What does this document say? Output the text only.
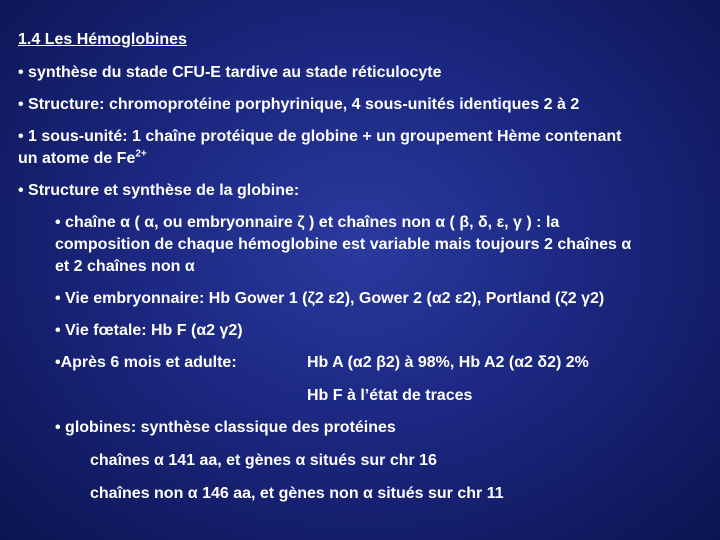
1.4 Les Hémoglobines
• synthèse du stade CFU-E tardive au stade réticulocyte
• Structure: chromoprotéine porphyrinique, 4 sous-unités identiques 2 à 2
• 1 sous-unité: 1 chaîne protéique de globine + un groupement Hème contenant
un atome de $Fe^{2+}$
• Structure et synthèse de la globine:
• chaîne α ( α, ou embryonnaire ζ ) et chaînes non α ( β, δ, ε, γ ) : la
composition de chaque hémoglobine est variable mais toujours 2 chaînes α
et 2 chaînes non α
• Vie embryonnaire: Hb Gower 1 (ζ2 ε2), Gower 2 (α2 ε2), Portland (ζ2 γ2)
• Vie fœtale: Hb F (α2 γ2)
•Après 6 mois et adulte:	Hb A (α2 β2) à 98%, Hb A2 (α2 δ2) 2%
Hb F à l’état de traces
• globines: synthèse classique des protéines
chaînes α 141 aa, et gènes α situés sur chr 16
chaînes non α 146 aa, et gènes non α situés sur chr 11
